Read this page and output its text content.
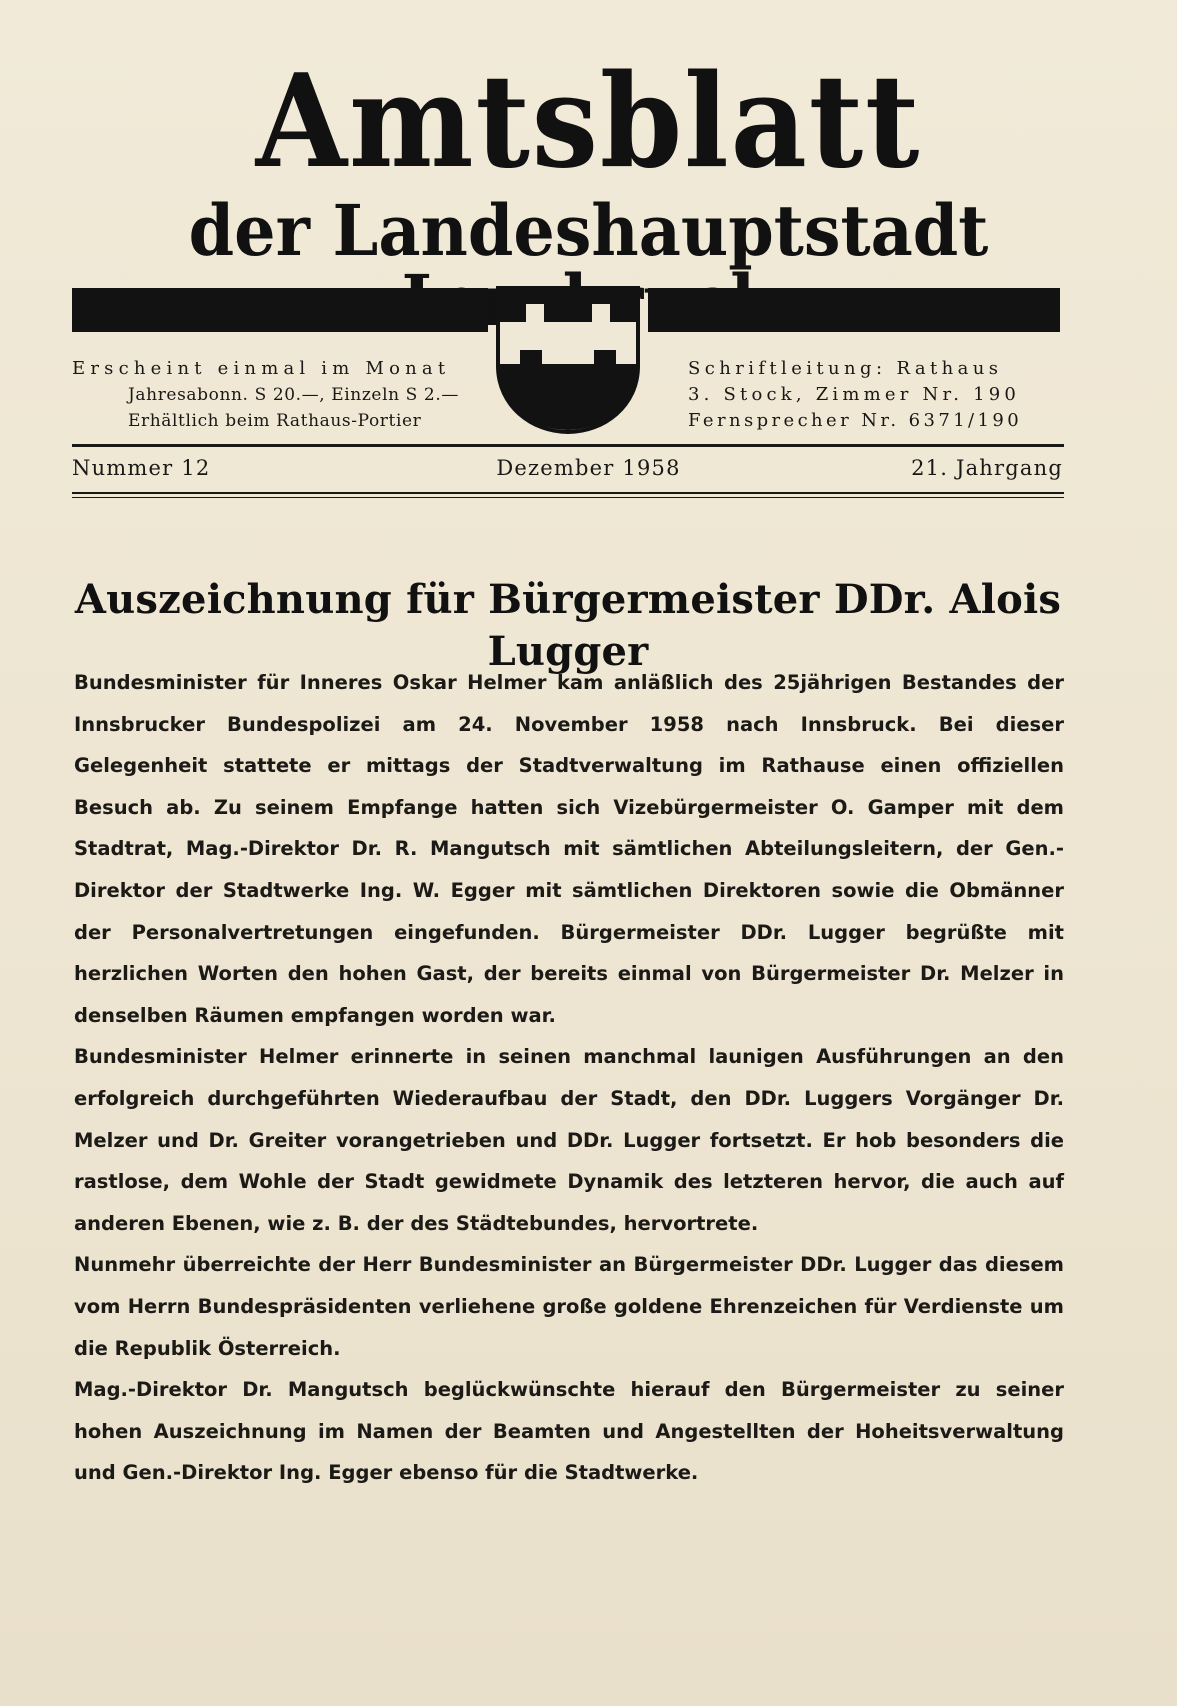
Amtsblatt
der Landeshauptstadt
Erscheint einmal im Monat
Jahresabonn. S 20.—, Einzeln S 2.—
Erhältlich beim Rathaus-Portier
Schriftleitung: Rathaus
3. Stock, Zimmer Nr. 190
Fernsprecher Nr. 6371/190
Nummer 12	Dezember 1958	21. Jahrgang
Auszeichnung für Bürgermeister DDr. Alois Lugger

Bundesminister für Inneres Oskar Helmer kam anläßlich des 25jährigen Bestandes der Innsbrucker Bundespolizei am 24. November 1958 nach Innsbruck. Bei dieser Gelegenheit stattete er mittags der Stadtverwaltung im Rathause einen offiziellen Besuch ab. Zu seinem Empfange hatten sich Vizebürgermeister O. Gamper mit dem Stadtrat, Mag.-Direktor Dr. R. Mangutsch mit sämtlichen Abteilungsleitern, der Gen.-Direktor der Stadtwerke Ing. W. Egger mit sämtlichen Direktoren sowie die Obmänner der Personalvertretungen eingefunden. Bürgermeister DDr. Lugger begrüßte mit herzlichen Worten den hohen Gast, der bereits einmal von Bürgermeister Dr. Melzer in denselben Räumen empfangen worden war.

Bundesminister Helmer erinnerte in seinen manchmal launigen Ausführungen an den erfolgreich durchgeführten Wiederaufbau der Stadt, den DDr. Luggers Vorgänger Dr. Melzer und Dr. Greiter vorangetrieben und DDr. Lugger fortsetzt. Er hob besonders die rastlose, dem Wohle der Stadt gewidmete Dynamik des letzteren hervor, die auch auf anderen Ebenen, wie z. B. der des Städtebundes, hervortrete.

Nunmehr überreichte der Herr Bundesminister an Bürgermeister DDr. Lugger das diesem vom Herrn Bundespräsidenten verliehene große goldene Ehrenzeichen für Verdienste um die Republik Österreich.

Mag.-Direktor Dr. Mangutsch beglückwünschte hierauf den Bürgermeister zu seiner hohen Auszeichnung im Namen der Beamten und Angestellten der Hoheitsverwaltung und Gen.-Direktor Ing. Egger ebenso für die Stadtwerke.
